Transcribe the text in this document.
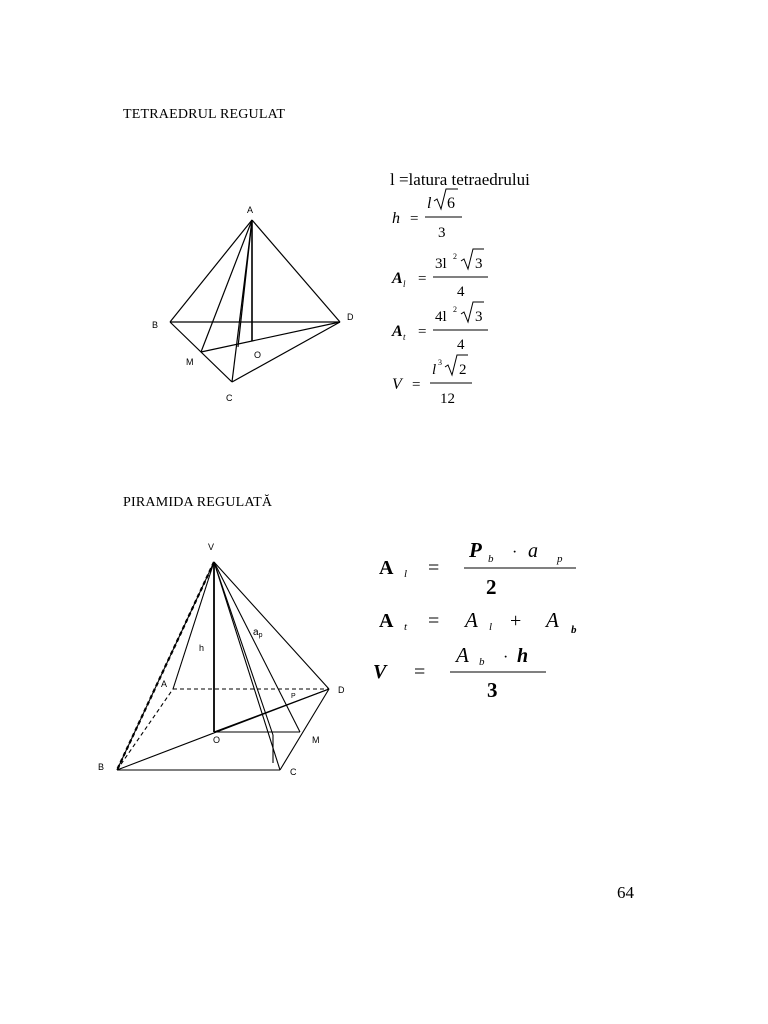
TETRAEDRUL REGULAT
A
B
C
D
M
O
l =latura tetraedrului
h =
l 6
3
A l =
3l 2 3
4
A t =
4l 2 3
4
V =
l 3 2
12
PIRAMIDA REGULATĂ
V
A
B	C
D
O	M
h
$a_p$
P
A l =
P b · a p
2
A t = A l + A b
V =
A b · h
3
64
